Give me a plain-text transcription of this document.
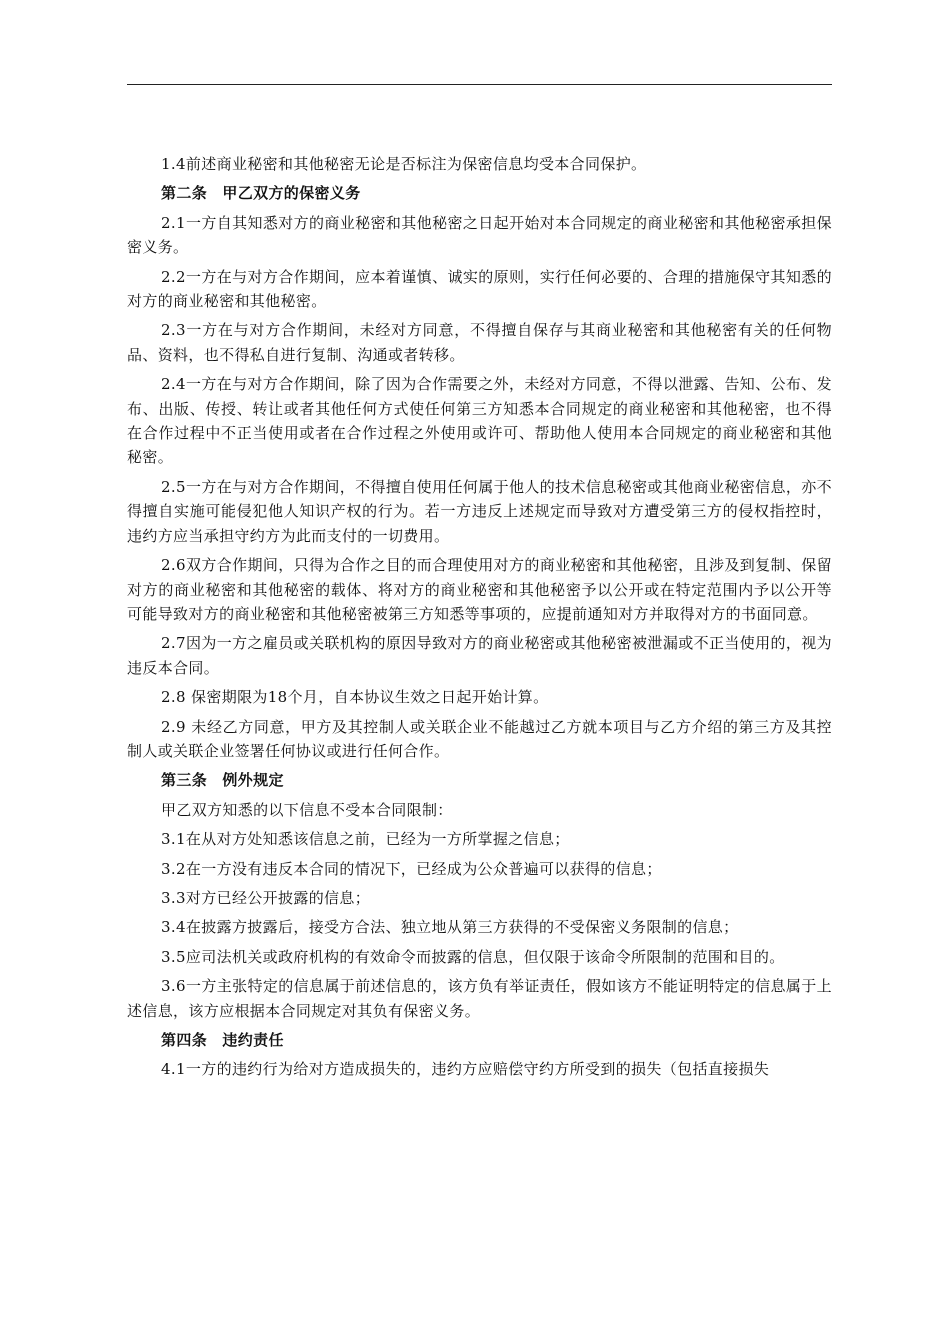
1.4前述商业秘密和其他秘密无论是否标注为保密信息均受本合同保护。

第二条　甲乙双方的保密义务

2.1一方自其知悉对方的商业秘密和其他秘密之日起开始对本合同规定的商业秘密和其他秘密承担保密义务。

2.2一方在与对方合作期间，应本着谨慎、诚实的原则，实行任何必要的、合理的措施保守其知悉的对方的商业秘密和其他秘密。

2.3一方在与对方合作期间，未经对方同意，不得擅自保存与其商业秘密和其他秘密有关的任何物品、资料，也不得私自进行复制、沟通或者转移。

2.4一方在与对方合作期间，除了因为合作需要之外，未经对方同意，不得以泄露、告知、公布、发布、出版、传授、转让或者其他任何方式使任何第三方知悉本合同规定的商业秘密和其他秘密，也不得在合作过程中不正当使用或者在合作过程之外使用或许可、帮助他人使用本合同规定的商业秘密和其他秘密。

2.5一方在与对方合作期间，不得擅自使用任何属于他人的技术信息秘密或其他商业秘密信息，亦不得擅自实施可能侵犯他人知识产权的行为。若一方违反上述规定而导致对方遭受第三方的侵权指控时，违约方应当承担守约方为此而支付的一切费用。

2.6双方合作期间，只得为合作之目的而合理使用对方的商业秘密和其他秘密，且涉及到复制、保留对方的商业秘密和其他秘密的载体、将对方的商业秘密和其他秘密予以公开或在特定范围内予以公开等可能导致对方的商业秘密和其他秘密被第三方知悉等事项的，应提前通知对方并取得对方的书面同意。

2.7因为一方之雇员或关联机构的原因导致对方的商业秘密或其他秘密被泄漏或不正当使用的，视为违反本合同。

2.8 保密期限为18个月，自本协议生效之日起开始计算。

2.9 未经乙方同意，甲方及其控制人或关联企业不能越过乙方就本项目与乙方介绍的第三方及其控制人或关联企业签署任何协议或进行任何合作。

第三条　例外规定

甲乙双方知悉的以下信息不受本合同限制：

3.1在从对方处知悉该信息之前，已经为一方所掌握之信息；

3.2在一方没有违反本合同的情况下，已经成为公众普遍可以获得的信息；

3.3对方已经公开披露的信息；

3.4在披露方披露后，接受方合法、独立地从第三方获得的不受保密义务限制的信息；

3.5应司法机关或政府机构的有效命令而披露的信息，但仅限于该命令所限制的范围和目的。

3.6一方主张特定的信息属于前述信息的，该方负有举证责任，假如该方不能证明特定的信息属于上述信息，该方应根据本合同规定对其负有保密义务。

第四条　违约责任

4.1一方的违约行为给对方造成损失的，违约方应赔偿守约方所受到的损失（包括直接损失
